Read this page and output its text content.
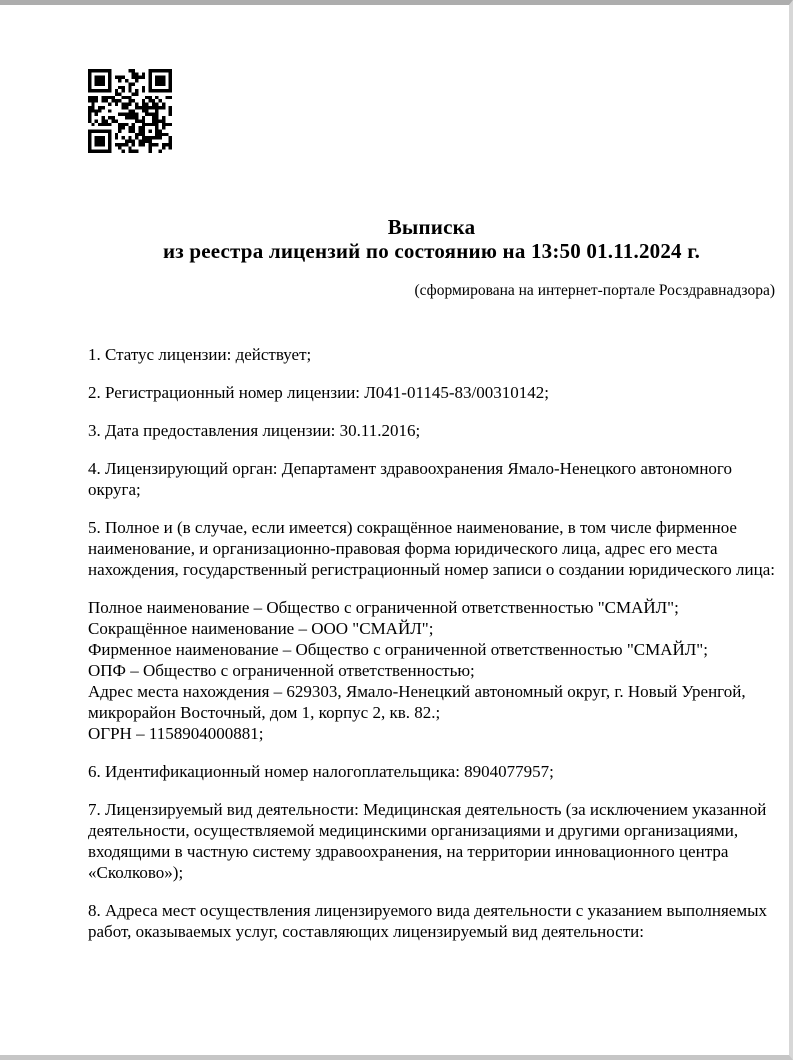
Выписка
из реестра лицензий по состоянию на 13:50 01.11.2024 г.
(сформирована на интернет-портале Росздравнадзора)
1. Статус лицензии: действует;
2. Регистрационный номер лицензии: Л041-01145-83/00310142;
3. Дата предоставления лицензии: 30.11.2016;
4. Лицензирующий орган: Департамент здравоохранения Ямало-Ненецкого автономного округа;
5. Полное и (в случае, если имеется) сокращённое наименование, в том числе фирменное наименование, и организационно-правовая форма юридического лица, адрес его места нахождения, государственный регистрационный номер записи о создании юридического лица:
Полное наименование – Общество с ограниченной ответственностью "СМАЙЛ";
Сокращённое наименование – ООО "СМАЙЛ";
Фирменное наименование – Общество с ограниченной ответственностью "СМАЙЛ";
ОПФ – Общество с ограниченной ответственностью;
Адрес места нахождения – 629303, Ямало-Ненецкий автономный округ, г. Новый Уренгой, микрорайон Восточный, дом 1, корпус 2, кв. 82.;
ОГРН – 1158904000881;
6. Идентификационный номер налогоплательщика: 8904077957;
7. Лицензируемый вид деятельности: Медицинская деятельность (за исключением указанной деятельности, осуществляемой медицинскими организациями и другими организациями, входящими в частную систему здравоохранения, на территории инновационного центра «Сколково»);
8. Адреса мест осуществления лицензируемого вида деятельности с указанием выполняемых работ, оказываемых услуг, составляющих лицензируемый вид деятельности:
